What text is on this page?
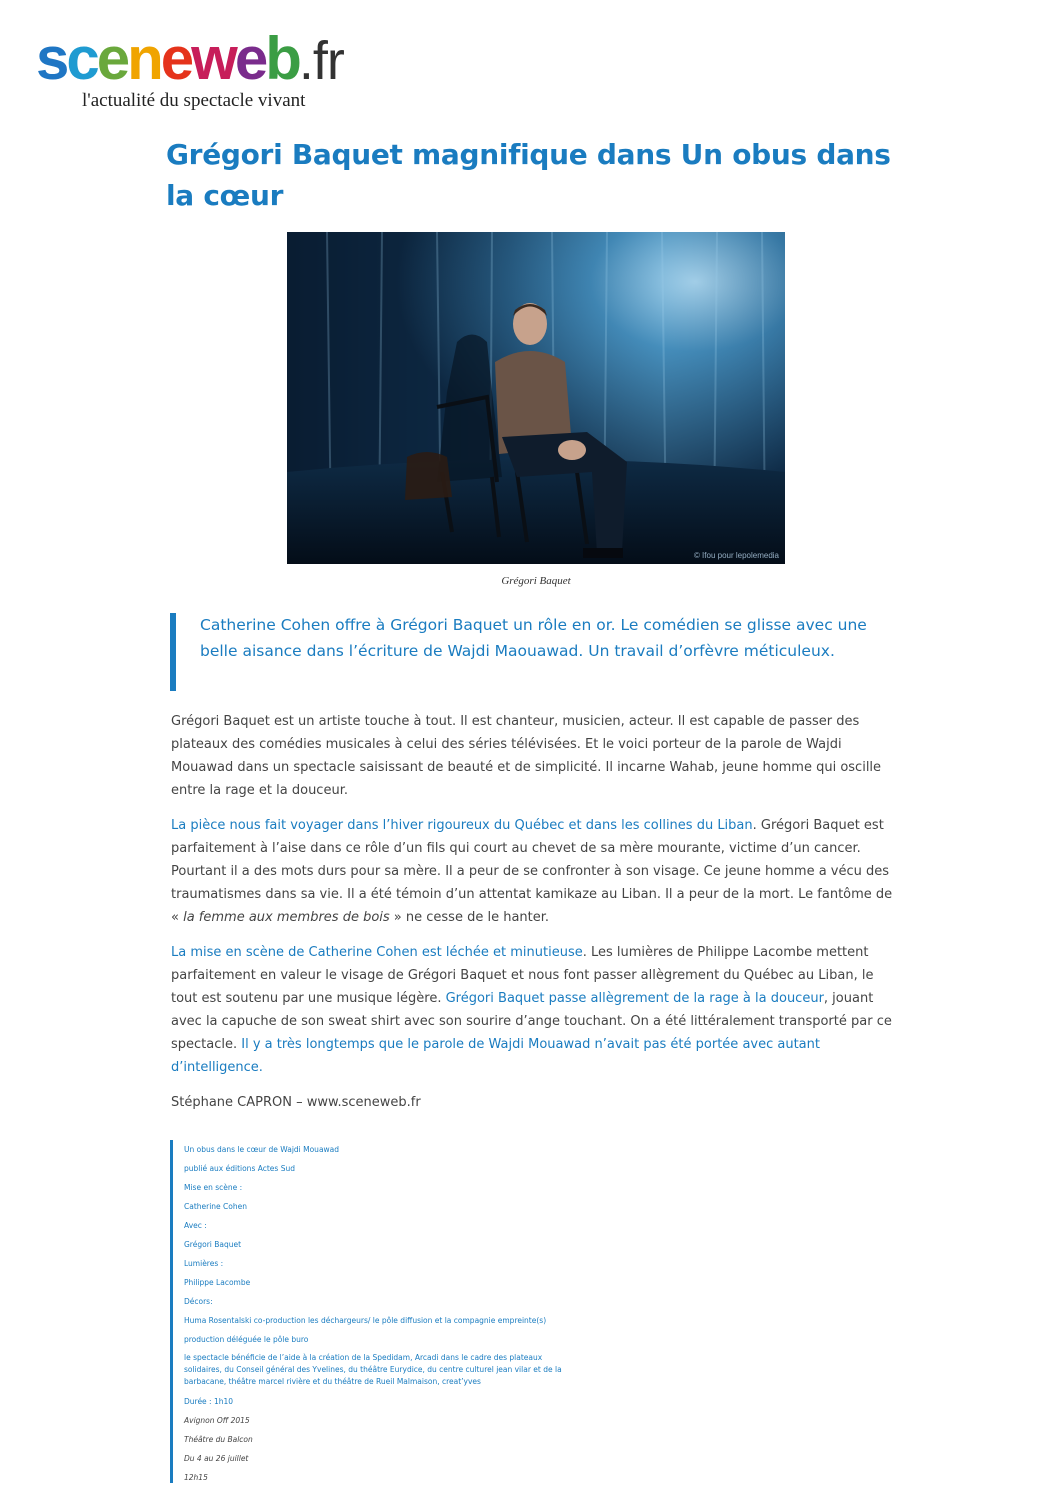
sceneweb .fr
l'actualité du spectacle vivant
Grégori Baquet magnifique dans Un obus dans la cœur
© Ifou pour lepolemedia
Grégori Baquet

Catherine Cohen offre à Grégori Baquet un rôle en or. Le comédien se glisse avec une belle aisance dans l’écriture de Wajdi Maouawad. Un travail d’orfèvre méticuleux.

Grégori Baquet est un artiste touche à tout. Il est chanteur, musicien, acteur. Il est capable de passer des plateaux des comédies musicales à celui des séries télévisées. Et le voici porteur de la parole de Wajdi Mouawad dans un spectacle saisissant de beauté et de simplicité. Il incarne Wahab, jeune homme qui oscille entre la rage et la douceur.

La pièce nous fait voyager dans l’hiver rigoureux du Québec et dans les collines du Liban. Grégori Baquet est parfaitement à l’aise dans ce rôle d’un fils qui court au chevet de sa mère mourante, victime d’un cancer. Pourtant il a des mots durs pour sa mère. Il a peur de se confronter à son visage. Ce jeune homme a vécu des traumatismes dans sa vie. Il a été témoin d’un attentat kamikaze au Liban. Il a peur de la mort. Le fantôme de « la femme aux membres de bois » ne cesse de le hanter.

La mise en scène de Catherine Cohen est léchée et minutieuse. Les lumières de Philippe Lacombe mettent parfaitement en valeur le visage de Grégori Baquet et nous font passer allègrement du Québec au Liban, le tout est soutenu par une musique légère. Grégori Baquet passe allègrement de la rage à la douceur, jouant avec la capuche de son sweat shirt avec son sourire d’ange touchant. On a été littéralement transporté par ce spectacle. Il y a très longtemps que le parole de Wajdi Mouawad n’avait pas été portée avec autant d’intelligence.

Stéphane CAPRON – www.sceneweb.fr

Un obus dans le cœur de Wajdi Mouawad

publié aux éditions Actes Sud

Mise en scène :

Catherine Cohen

Avec :

Grégori Baquet

Lumières :

Philippe Lacombe

Décors:

Huma Rosentalski co-production les déchargeurs/ le pôle diffusion et la compagnie empreinte(s)

production déléguée le pôle buro

le spectacle bénéficie de l’aide à la création de la Spedidam, Arcadi dans le cadre des plateaux solidaires, du Conseil général des Yvelines, du théâtre Eurydice, du centre culturel jean vilar et de la barbacane, théâtre marcel rivière et du théâtre de Rueil Malmaison, creat’yves

Durée : 1h10

Avignon Off 2015

Théâtre du Balcon

Du 4 au 26 juillet

12h15
